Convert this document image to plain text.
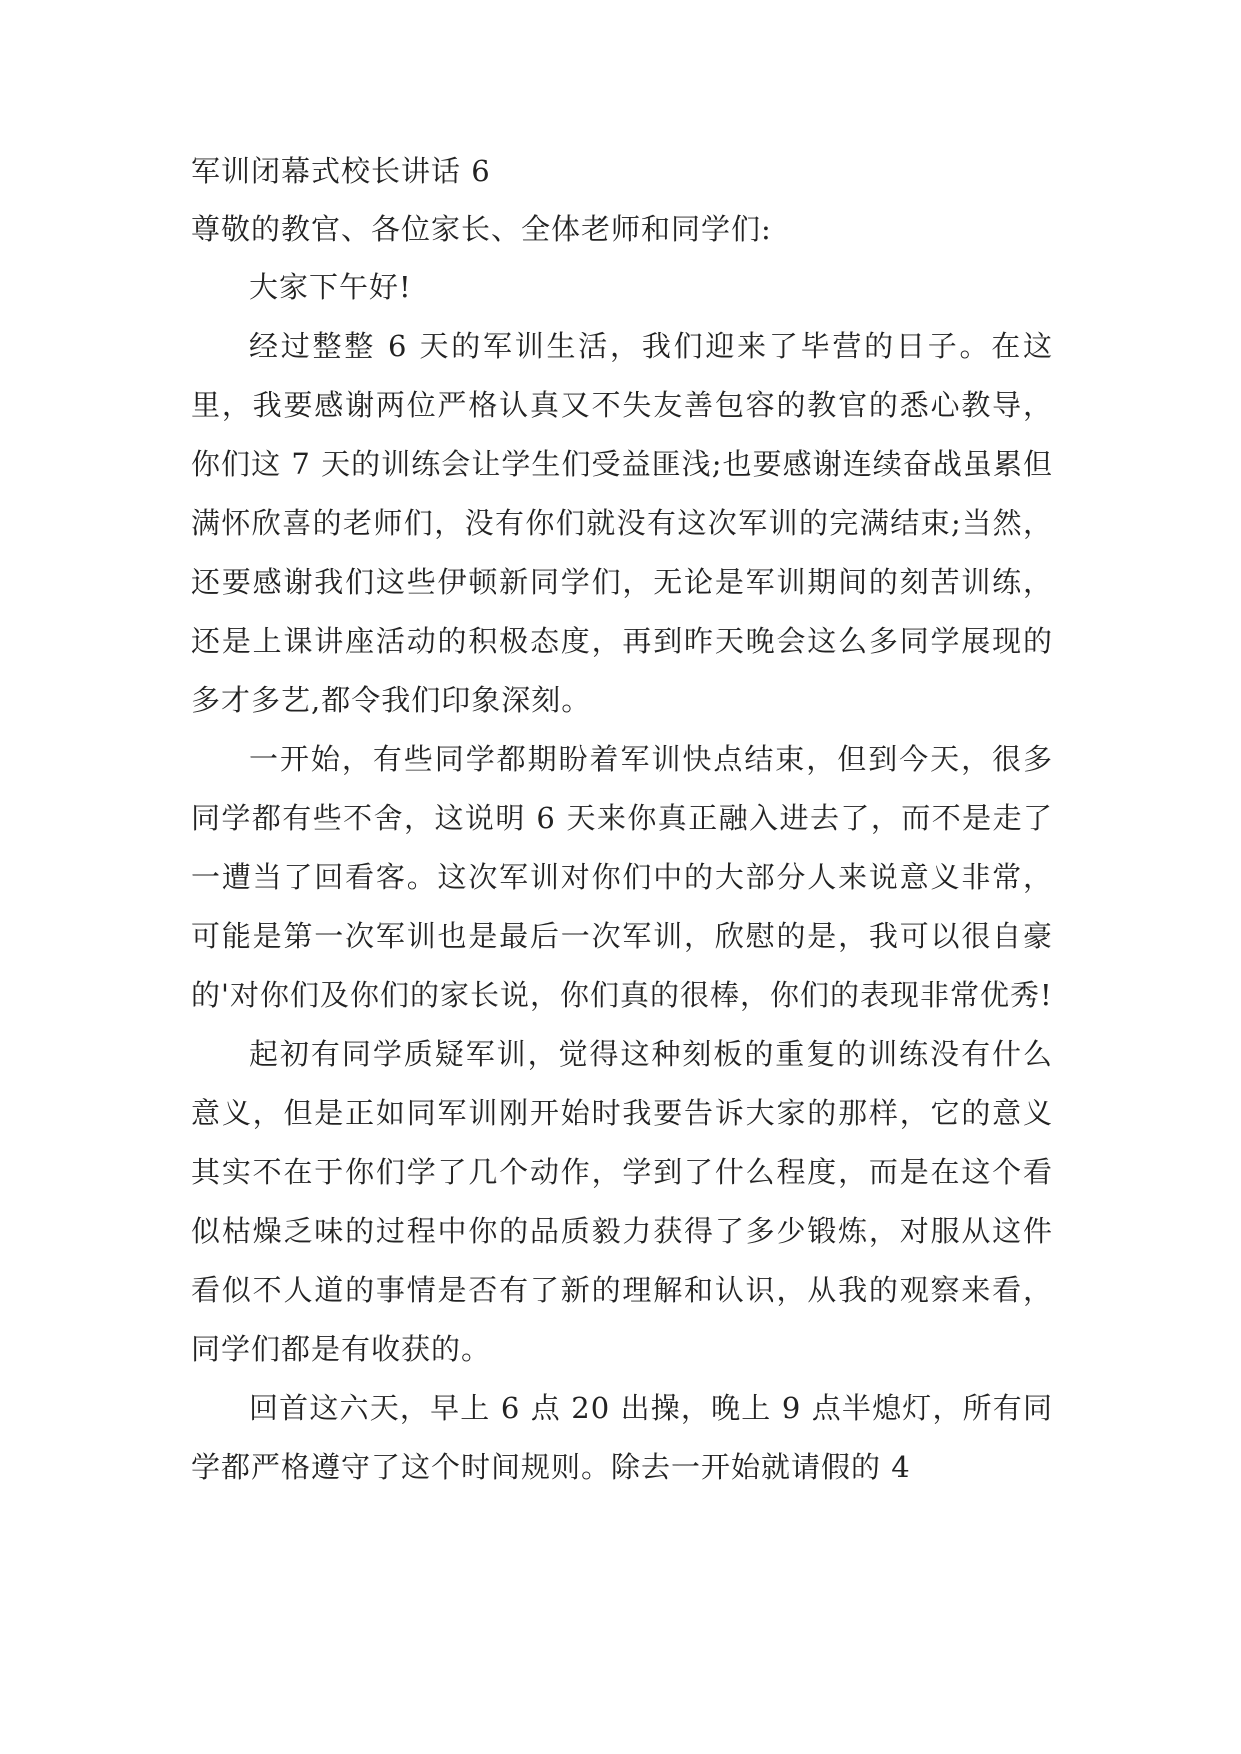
军训闭幕式校长讲话 6

尊敬的教官、各位家长、全体老师和同学们:

大家下午好!

经过整整 6 天的军训生活，我们迎来了毕营的日子。在这里，我要感谢两位严格认真又不失友善包容的教官的悉心教导，你们这 7 天的训练会让学生们受益匪浅;也要感谢连续奋战虽累但满怀欣喜的老师们，没有你们就没有这次军训的完满结束;当然，还要感谢我们这些伊顿新同学们，无论是军训期间的刻苦训练，还是上课讲座活动的积极态度，再到昨天晚会这么多同学展现的多才多艺,都令我们印象深刻。

一开始，有些同学都期盼着军训快点结束，但到今天，很多同学都有些不舍，这说明 6 天来你真正融入进去了，而不是走了一遭当了回看客。这次军训对你们中的大部分人来说意义非常，可能是第一次军训也是最后一次军训，欣慰的是，我可以很自豪的'对你们及你们的家长说，你们真的很棒，你们的表现非常优秀!

起初有同学质疑军训，觉得这种刻板的重复的训练没有什么意义，但是正如同军训刚开始时我要告诉大家的那样，它的意义其实不在于你们学了几个动作，学到了什么程度，而是在这个看似枯燥乏味的过程中你的品质毅力获得了多少锻炼，对服从这件看似不人道的事情是否有了新的理解和认识，从我的观察来看，同学们都是有收获的。

回首这六天，早上 6 点 20 出操，晚上 9 点半熄灯，所有同学都严格遵守了这个时间规则。除去一开始就请假的 4
